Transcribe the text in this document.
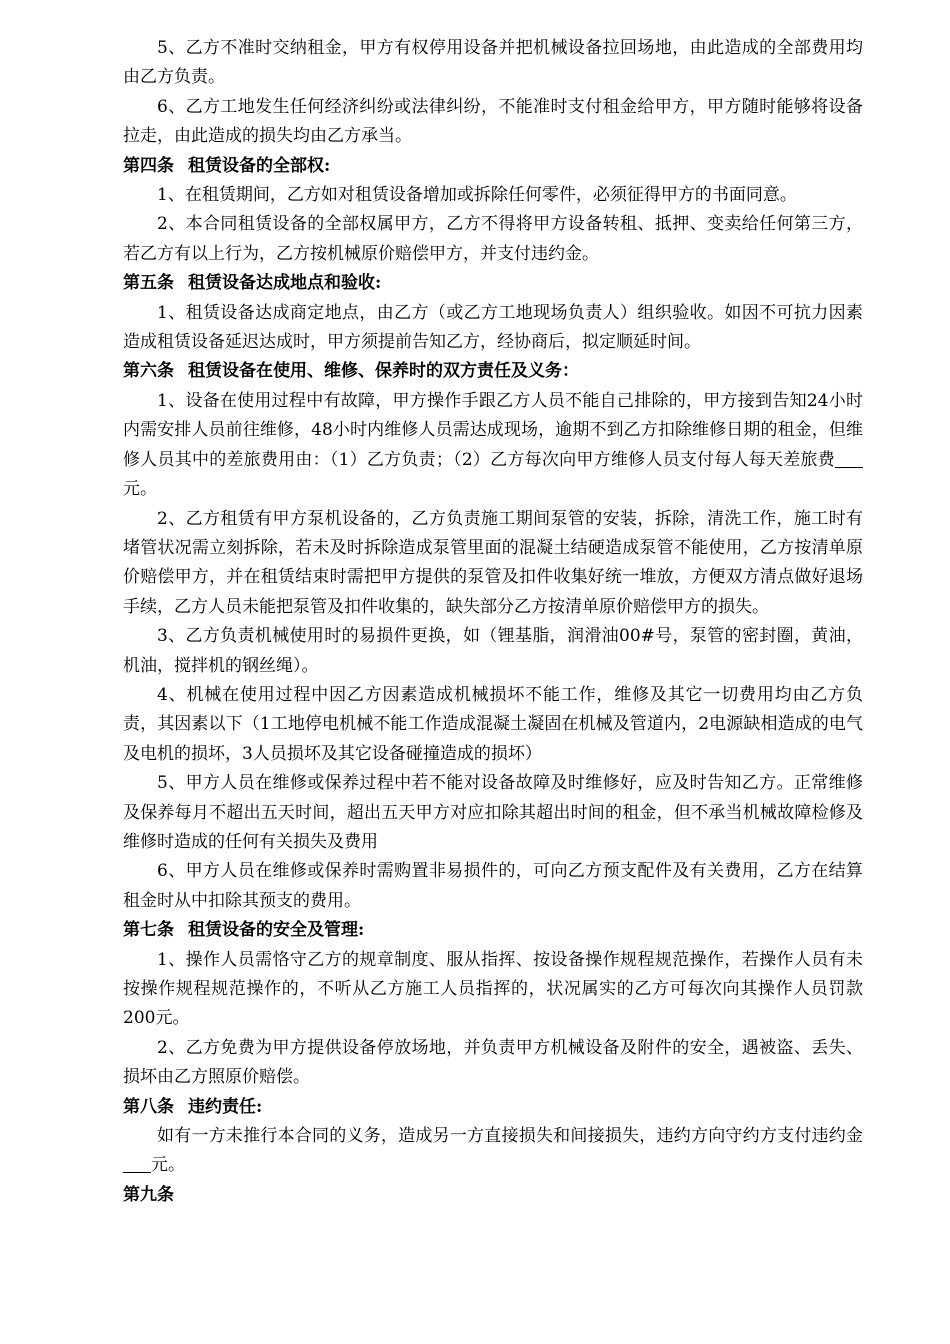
5、乙方不准时交纳租金，甲方有权停用设备并把机械设备拉回场地，由此造成的全部费用均由乙方负责。

6、乙方工地发生任何经济纠纷或法律纠纷，不能准时支付租金给甲方，甲方随时能够将设备拉走，由此造成的损失均由乙方承当。

第四条 租赁设备的全部权:

1、在租赁期间，乙方如对租赁设备增加或拆除任何零件，必须征得甲方的书面同意。

2、本合同租赁设备的全部权属甲方，乙方不得将甲方设备转租、抵押、变卖给任何第三方，若乙方有以上行为，乙方按机械原价赔偿甲方，并支付违约金。

第五条 租赁设备达成地点和验收:

1、租赁设备达成商定地点，由乙方（或乙方工地现场负责人）组织验收。如因不可抗力因素造成租赁设备延迟达成时，甲方须提前告知乙方，经协商后，拟定顺延时间。

第六条 租赁设备在使用、维修、保养时的双方责任及义务：

1、设备在使用过程中有故障，甲方操作手跟乙方人员不能自己排除的，甲方接到告知24小时内需安排人员前往维修，48小时内维修人员需达成现场，逾期不到乙方扣除维修日期的租金，但维修人员其中的差旅费用由：（1）乙方负责；（2）乙方每次向甲方维修人员支付每人每天差旅费元。

2、乙方租赁有甲方泵机设备的，乙方负责施工期间泵管的安装，拆除，清洗工作，施工时有堵管状况需立刻拆除，若未及时拆除造成泵管里面的混凝土结硬造成泵管不能使用，乙方按清单原价赔偿甲方，并在租赁结束时需把甲方提供的泵管及扣件收集好统一堆放，方便双方清点做好退场手续，乙方人员未能把泵管及扣件收集的，缺失部分乙方按清单原价赔偿甲方的损失。

3、乙方负责机械使用时的易损件更换，如（锂基脂，润滑油00#号，泵管的密封圈，黄油，机油，搅拌机的钢丝绳）。

4、机械在使用过程中因乙方因素造成机械损坏不能工作，维修及其它一切费用均由乙方负责，其因素以下（1工地停电机械不能工作造成混凝土凝固在机械及管道内，2电源缺相造成的电气及电机的损坏，3人员损坏及其它设备碰撞造成的损坏）

5、甲方人员在维修或保养过程中若不能对设备故障及时维修好，应及时告知乙方。正常维修及保养每月不超出五天时间，超出五天甲方对应扣除其超出时间的租金，但不承当机械故障检修及维修时造成的任何有关损失及费用

6、甲方人员在维修或保养时需购置非易损件的，可向乙方预支配件及有关费用，乙方在结算租金时从中扣除其预支的费用。

第七条 租赁设备的安全及管理:

1、操作人员需恪守乙方的规章制度、服从指挥、按设备操作规程规范操作，若操作人员有未按操作规程规范操作的，不听从乙方施工人员指挥的，状况属实的乙方可每次向其操作人员罚款200元。

2、乙方免费为甲方提供设备停放场地，并负责甲方机械设备及附件的安全，遇被盗、丢失、损坏由乙方照原价赔偿。

第八条 违约责任:

如有一方未推行本合同的义务，造成另一方直接损失和间接损失，违约方向守约方支付违约金元。

第九条
